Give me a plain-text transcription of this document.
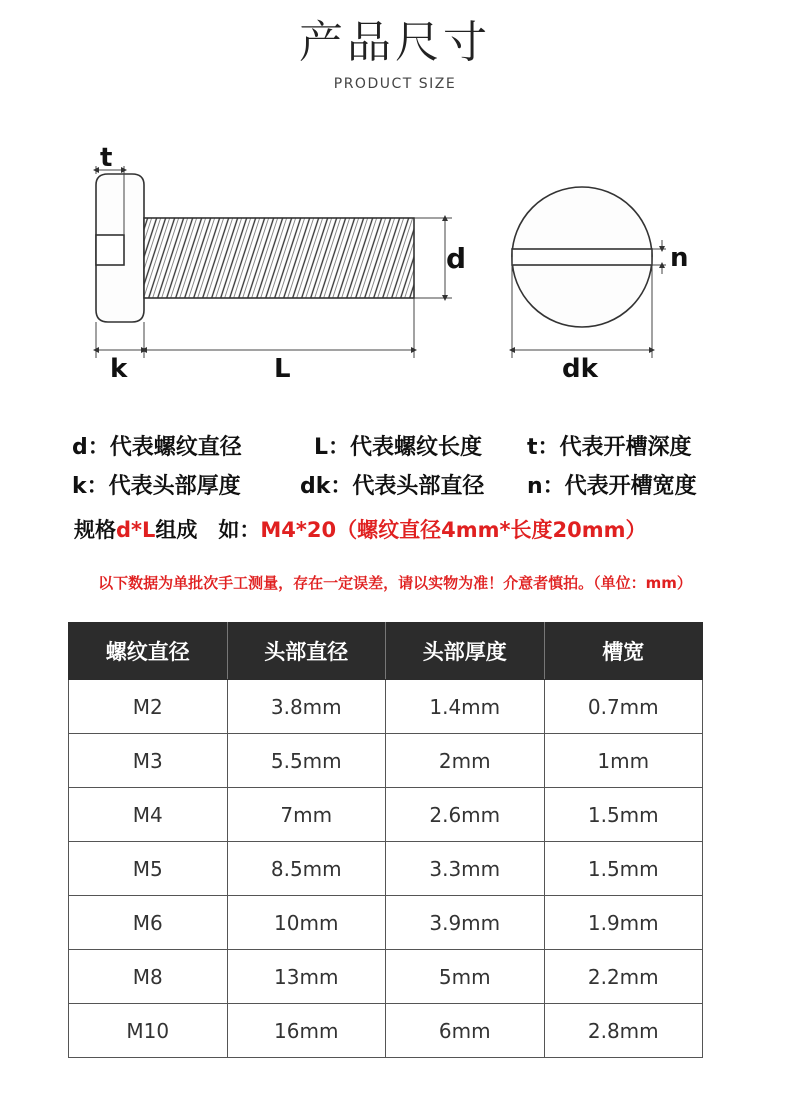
产品尺寸
PRODUCT SIZE
t
d	n
k	L	dk
d：代表螺纹直径	L：代表螺纹长度 t：代表开槽深度
k：代表头部厚度	dk：代表头部直径 n：代表开槽宽度
规格d*L组成　如：M4*20（螺纹直径4mm*长度20mm）
以下数据为单批次手工测量，存在一定误差，请以实物为准！介意者慎拍。（单位：mm）
螺纹直径	头部直径	头部厚度	槽宽
M2	3.8mm	1.4mm	0.7mm
M3	5.5mm	2mm	1mm
M4	7mm	2.6mm	1.5mm
M5	8.5mm	3.3mm	1.5mm
M6	10mm	3.9mm	1.9mm
M8	13mm	5mm	2.2mm
M10	16mm	6mm	2.8mm
